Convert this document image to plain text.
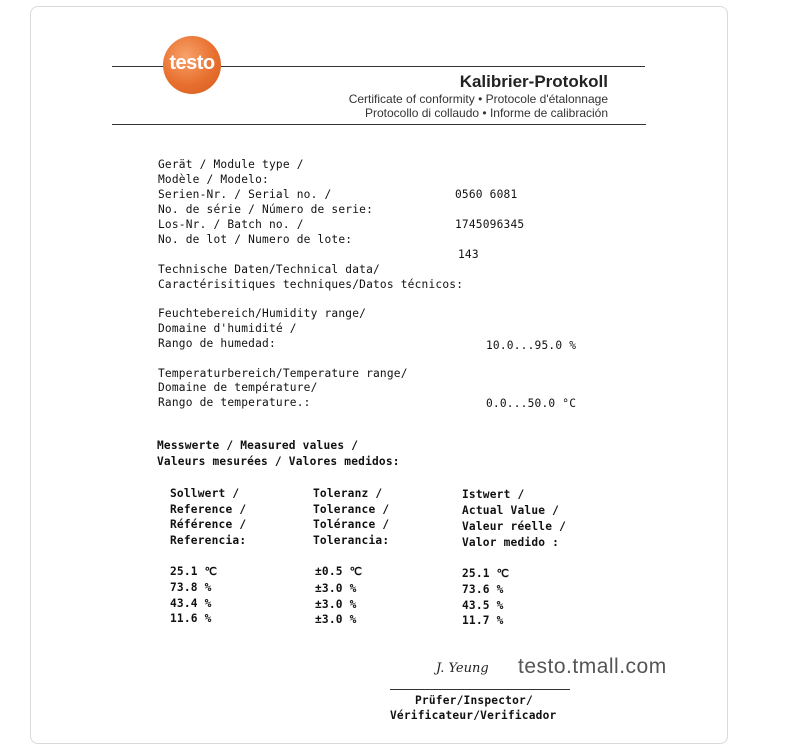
testo
Kalibrier-Protokoll
Certificate of conformity • Protocole d'étalonnage
Protocollo di collaudo • Informe de calibración
Gerät / Module type /
Modèle / Modelo:
Serien-Nr. / Serial no. /	0560 6081
No. de série / Número de serie:
Los-Nr. / Batch no. /	1745096345
No. de lot / Numero de lote:
143
Technische Daten/Technical data/
Caractérisitiques techniques/Datos técnicos:
Feuchtebereich/Humidity range/
Domaine d'humidité /
Rango de humedad:	10.0...95.0 %
Temperaturbereich/Temperature range/
Domaine de température/
Rango de temperature.:	0.0...50.0 °C
Messwerte / Measured values /
Valeurs mesurées / Valores medidos:
Sollwert /
Reference /
Référence /
Referencia:
Toleranz /
Tolerance /
Tolérance /
Tolerancia:
Istwert /
Actual Value /
Valeur réelle /
Valor medido :
25.1 ℃	±0.5 ℃	25.1 ℃
73.8 %	±3.0 %	73.6 %
43.4 %	±3.0 %	43.5 %
11.6 %	±3.0 %	11.7 %
J. Yeung
Prüfer/Inspector/
Vérificateur/Verificador
testo.tmall.com
